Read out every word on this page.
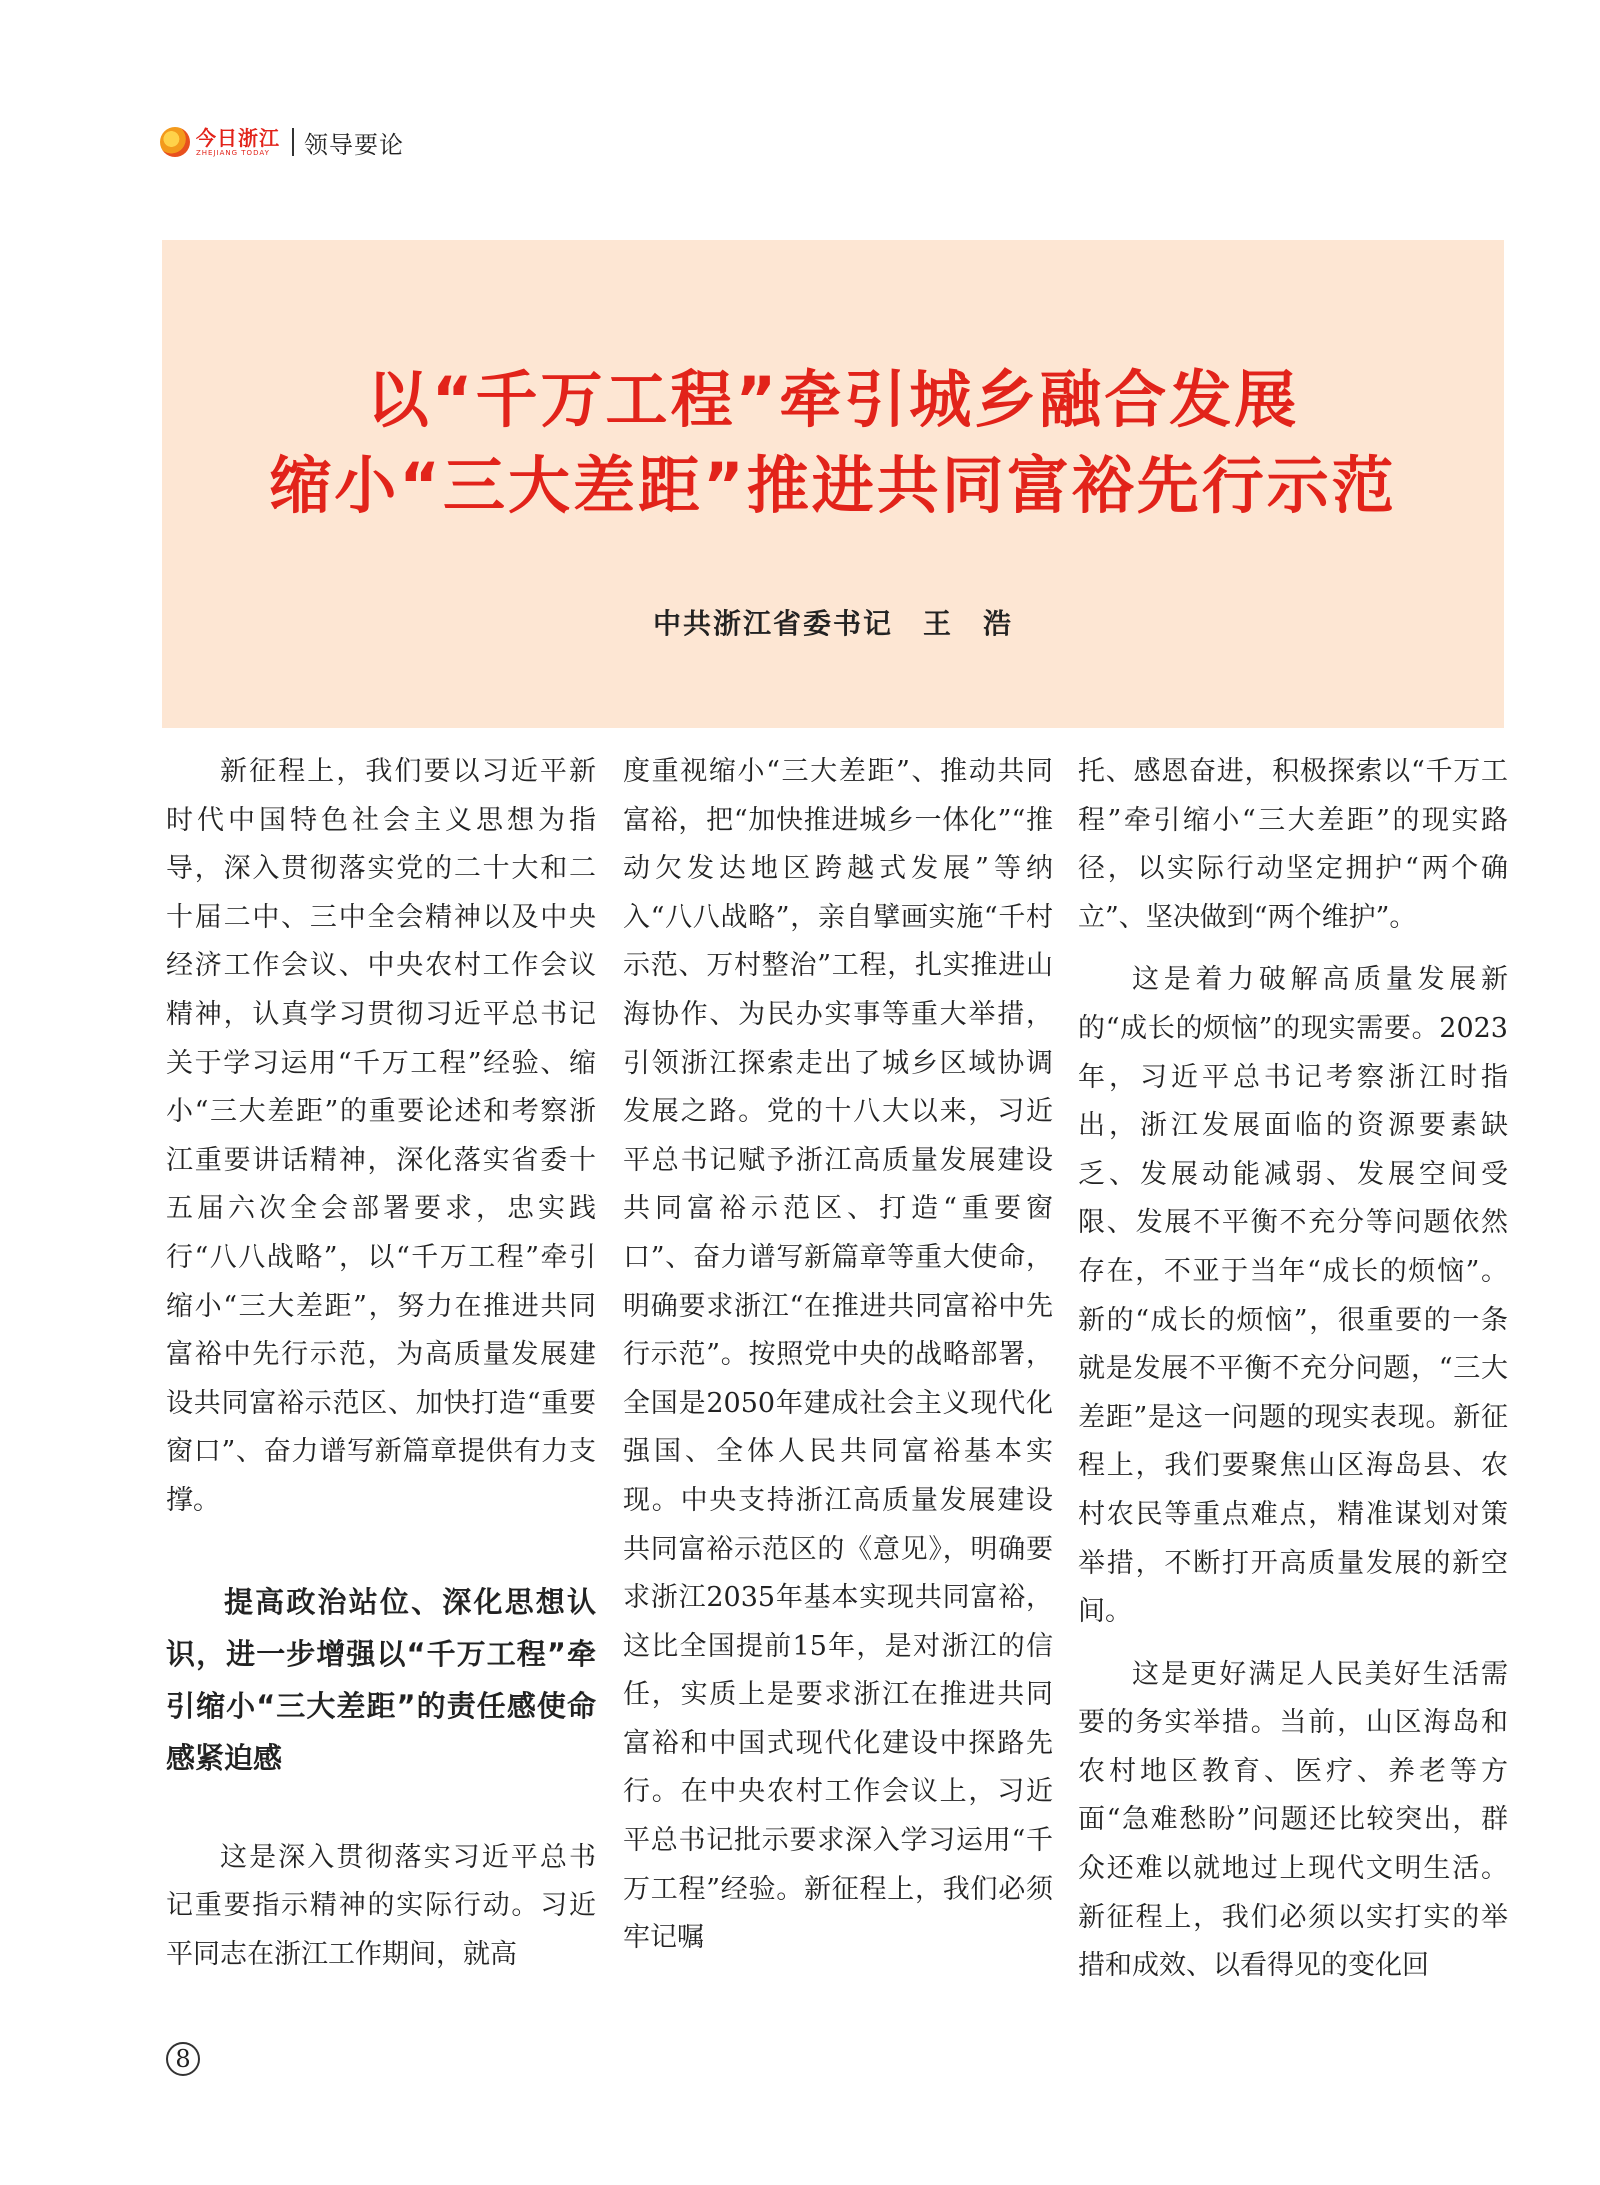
今日浙江
ZHEJIANG TODAY	领导要论
以“千万工程”牵引城乡融合发展
缩小“三大差距”推进共同富裕先行示范
中共浙江省委书记　王　浩

新征程上，我们要以习近平新时代中国特色社会主义思想为指导，深入贯彻落实党的二十大和二十届二中、三中全会精神以及中央经济工作会议、中央农村工作会议精神，认真学习贯彻习近平总书记关于学习运用“千万工程”经验、缩小“三大差距”的重要论述和考察浙江重要讲话精神，深化落实省委十五届六次全会部署要求，忠实践行“八八战略”，以“千万工程”牵引缩小“三大差距”，努力在推进共同富裕中先行示范，为高质量发展建设共同富裕示范区、加快打造“重要窗口”、奋力谱写新篇章提供有力支撑。

提高政治站位、深化思想认识，进一步增强以“千万工程”牵引缩小“三大差距”的责任感使命感紧迫感

这是深入贯彻落实习近平总书记重要指示精神的实际行动。习近平同志在浙江工作期间，就高

度重视缩小“三大差距”、推动共同富裕，把“加快推进城乡一体化”“推动欠发达地区跨越式发展”等纳入“八八战略”，亲自擘画实施“千村示范、万村整治”工程，扎实推进山海协作、为民办实事等重大举措，引领浙江探索走出了城乡区域协调发展之路。党的十八大以来，习近平总书记赋予浙江高质量发展建设共同富裕示范区、打造“重要窗口”、奋力谱写新篇章等重大使命，明确要求浙江“在推进共同富裕中先行示范”。按照党中央的战略部署，全国是2050年建成社会主义现代化强国、全体人民共同富裕基本实现。中央支持浙江高质量发展建设共同富裕示范区的《意见》，明确要求浙江2035年基本实现共同富裕，这比全国提前15年，是对浙江的信任，实质上是要求浙江在推进共同富裕和中国式现代化建设中探路先行。在中央农村工作会议上，习近平总书记批示要求深入学习运用“千万工程”经验。新征程上，我们必须牢记嘱

托、感恩奋进，积极探索以“千万工程”牵引缩小“三大差距”的现实路径，以实际行动坚定拥护“两个确立”、坚决做到“两个维护”。

这是着力破解高质量发展新的“成长的烦恼”的现实需要。2023年，习近平总书记考察浙江时指出，浙江发展面临的资源要素缺乏、发展动能减弱、发展空间受限、发展不平衡不充分等问题依然存在，不亚于当年“成长的烦恼”。新的“成长的烦恼”，很重要的一条就是发展不平衡不充分问题，“三大差距”是这一问题的现实表现。新征程上，我们要聚焦山区海岛县、农村农民等重点难点，精准谋划对策举措，不断打开高质量发展的新空间。

这是更好满足人民美好生活需要的务实举措。当前，山区海岛和农村地区教育、医疗、养老等方面“急难愁盼”问题还比较突出，群众还难以就地过上现代文明生活。新征程上，我们必须以实打实的举措和成效、以看得见的变化回

8
